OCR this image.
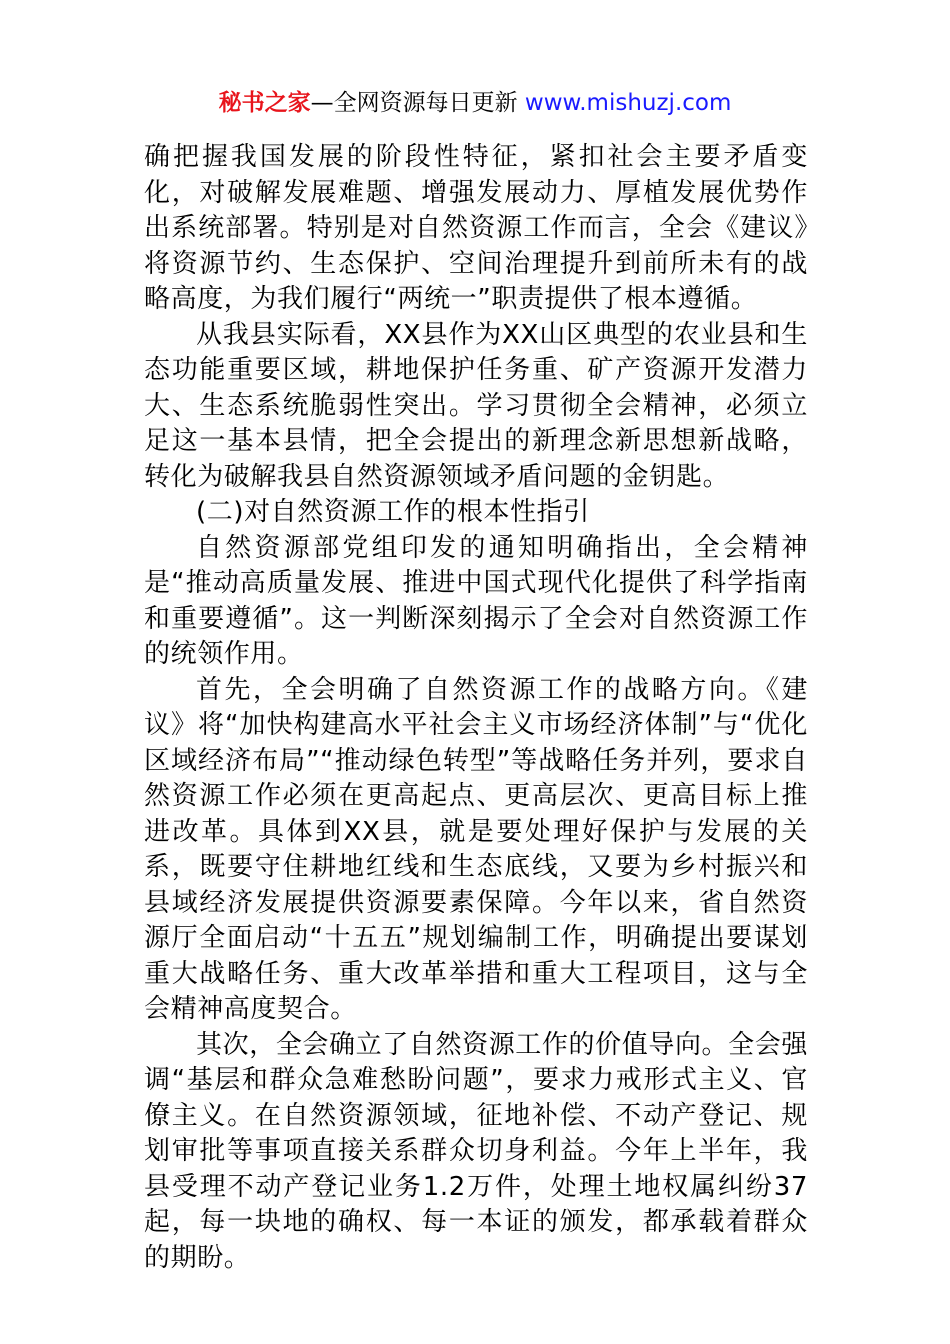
秘书之家—全网资源每日更新 www.mishuzj.com

确把握我国发展的阶段性特征，紧扣社会主要矛盾变化，对破解发展难题、增强发展动力、厚植发展优势作出系统部署。特别是对自然资源工作而言，全会《建议》将资源节约、生态保护、空间治理提升到前所未有的战略高度，为我们履行“两统一”职责提供了根本遵循。

从我县实际看，XX县作为XX山区典型的农业县和生态功能重要区域，耕地保护任务重、矿产资源开发潜力大、生态系统脆弱性突出。学习贯彻全会精神，必须立足这一基本县情，把全会提出的新理念新思想新战略，转化为破解我县自然资源领域矛盾问题的金钥匙。

(二)对自然资源工作的根本性指引

自然资源部党组印发的通知明确指出，全会精神是“推动高质量发展、推进中国式现代化提供了科学指南和重要遵循”。这一判断深刻揭示了全会对自然资源工作的统领作用。

首先，全会明确了自然资源工作的战略方向。《建议》将“加快构建高水平社会主义市场经济体制”与“优化区域经济布局”“推动绿色转型”等战略任务并列，要求自然资源工作必须在更高起点、更高层次、更高目标上推进改革。具体到XX县，就是要处理好保护与发展的关系，既要守住耕地红线和生态底线，又要为乡村振兴和县域经济发展提供资源要素保障。今年以来，省自然资源厅全面启动“十五五”规划编制工作，明确提出要谋划重大战略任务、重大改革举措和重大工程项目，这与全会精神高度契合。

其次，全会确立了自然资源工作的价值导向。全会强调“基层和群众急难愁盼问题”，要求力戒形式主义、官僚主义。在自然资源领域，征地补偿、不动产登记、规划审批等事项直接关系群众切身利益。今年上半年，我县受理不动产登记业务1.2万件，处理土地权属纠纷37起，每一块地的确权、每一本证的颁发，都承载着群众的期盼。
